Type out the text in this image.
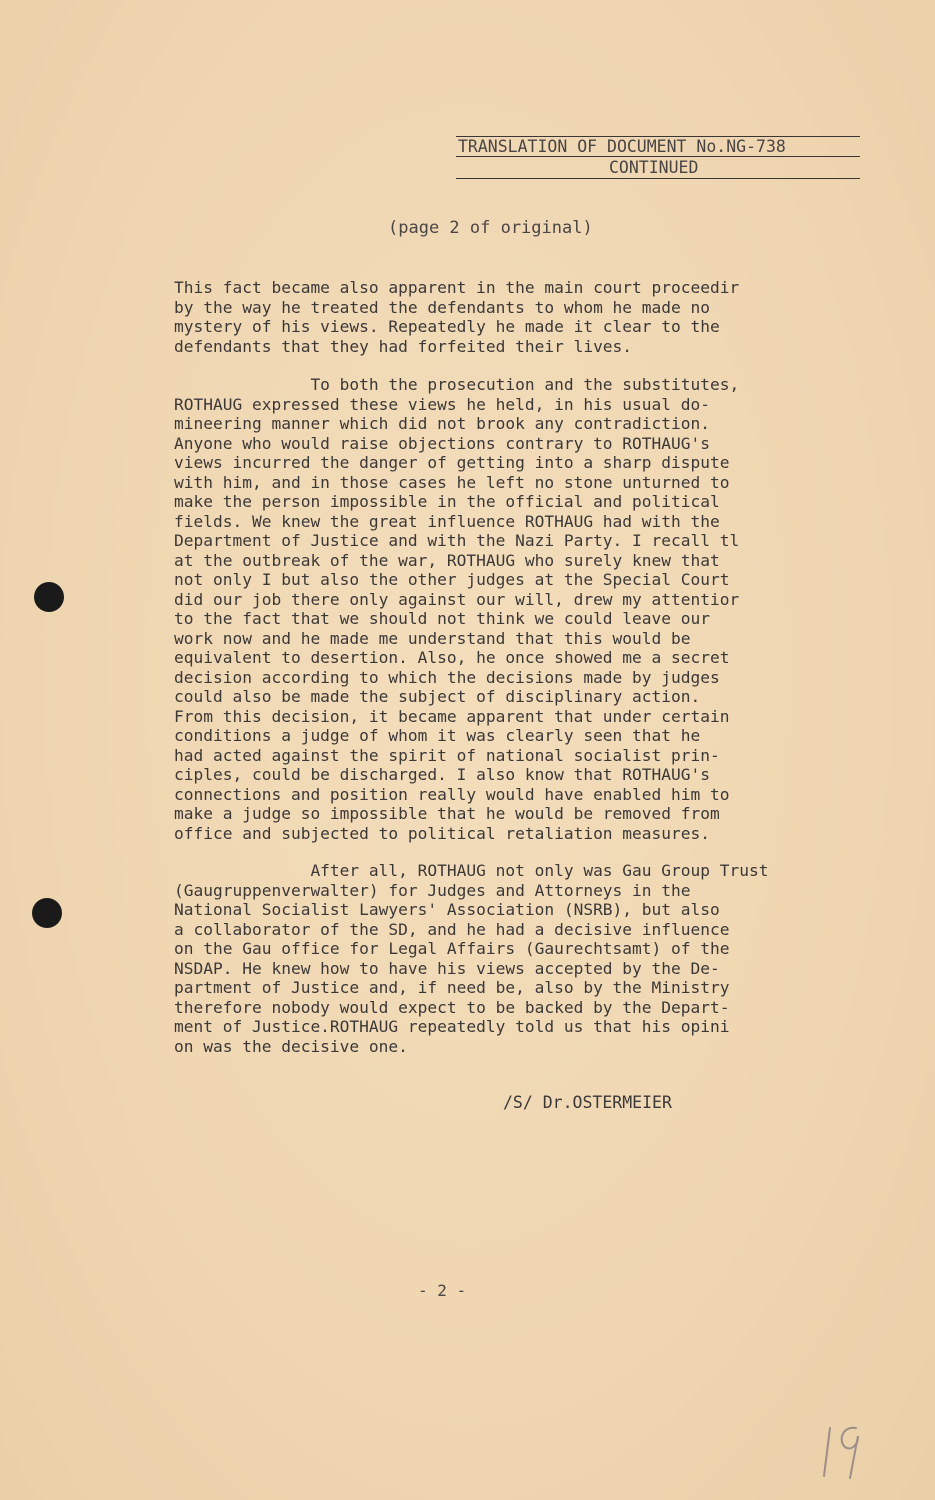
TRANSLATION OF DOCUMENT No.NG-738
CONTINUED
(page 2 of original)
This fact became also apparent in the main court proceedir
by the way he treated the defendants to whom he made no
mystery of his views. Repeatedly he made it clear to the
defendants that they had forfeited their lives.
To both the prosecution and the substitutes,
ROTHAUG expressed these views he held, in his usual do-
mineering manner which did not brook any contradiction.
Anyone who would raise objections contrary to ROTHAUG's
views incurred the danger of getting into a sharp dispute
with him, and in those cases he left no stone unturned to
make the person impossible in the official and political
fields. We knew the great influence ROTHAUG had with the
Department of Justice and with the Nazi Party. I recall tl
at the outbreak of the war, ROTHAUG who surely knew that
not only I but also the other judges at the Special Court
did our job there only against our will, drew my attentior
to the fact that we should not think we could leave our
work now and he made me understand that this would be
equivalent to desertion. Also, he once showed me a secret
decision according to which the decisions made by judges
could also be made the subject of disciplinary action.
From this decision, it became apparent that under certain
conditions a judge of whom it was clearly seen that he
had acted against the spirit of national socialist prin-
ciples, could be discharged. I also know that ROTHAUG's
connections and position really would have enabled him to
make a judge so impossible that he would be removed from
office and subjected to political retaliation measures.
After all, ROTHAUG not only was Gau Group Trust
(Gaugruppenverwalter) for Judges and Attorneys in the
National Socialist Lawyers' Association (NSRB), but also
a collaborator of the SD, and he had a decisive influence
on the Gau office for Legal Affairs (Gaurechtsamt) of the
NSDAP. He knew how to have his views accepted by the De-
partment of Justice and, if need be, also by the Ministry
therefore nobody would expect to be backed by the Depart-
ment of Justice.ROTHAUG repeatedly told us that his opini
on was the decisive one.
/S/ Dr.OSTERMEIER
- 2 -
